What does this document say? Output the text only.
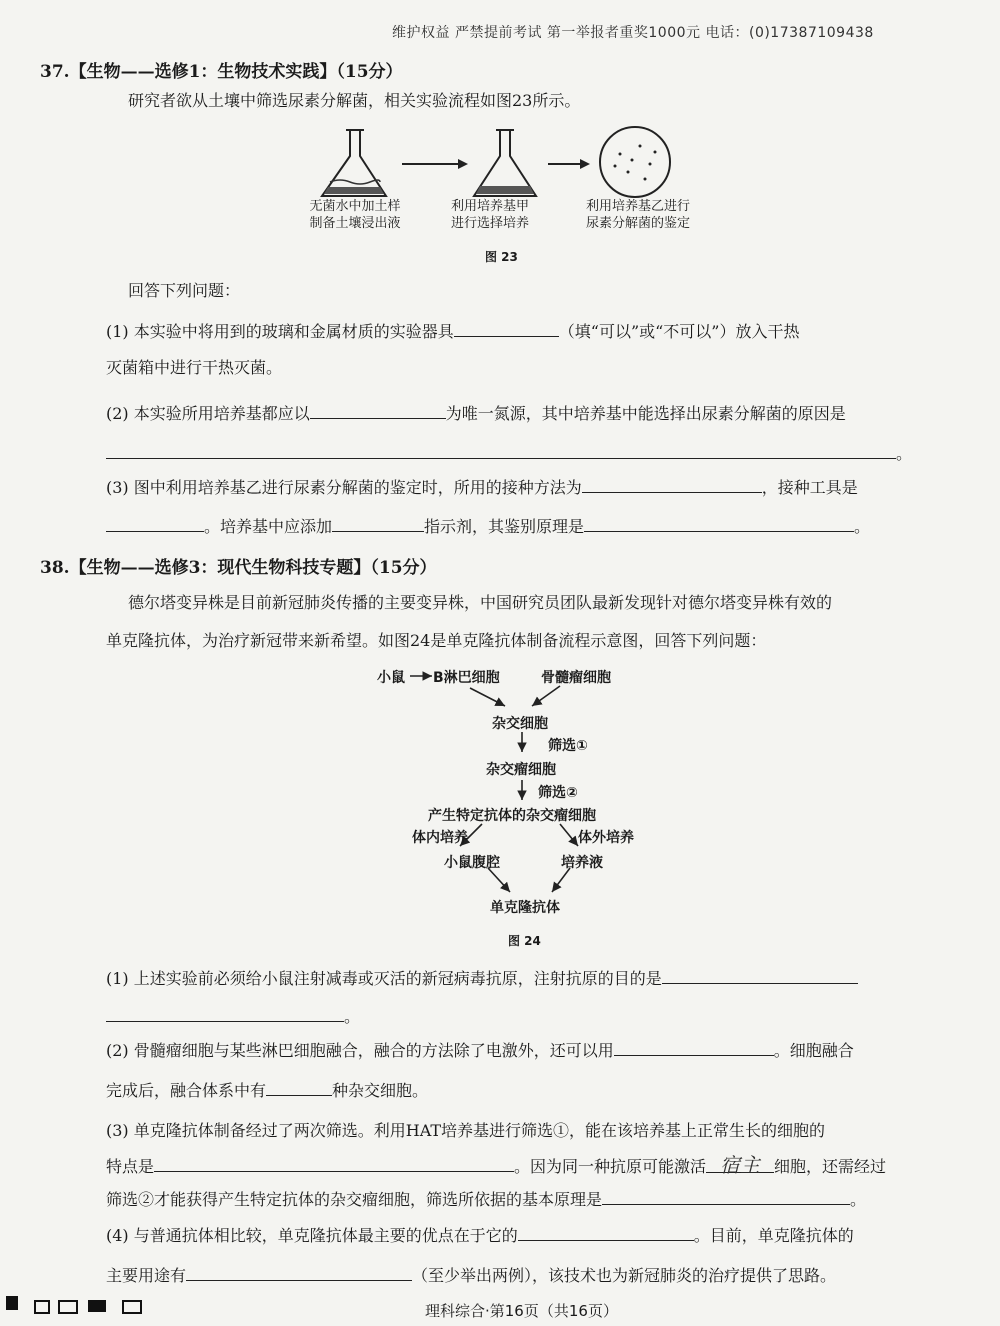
维护权益 严禁提前考试 第一举报者重奖1000元 电话：(0)17387109438
37.【生物——选修1：生物技术实践】（15分）
研究者欲从土壤中筛选尿素分解菌，相关实验流程如图23所示。
无菌水中加土样
制备土壤浸出液
利用培养基甲
进行选择培养
利用培养基乙进行
尿素分解菌的鉴定
图 23
回答下列问题：
(1) 本实验中将用到的玻璃和金属材质的实验器具	（填“可以”或“不可以”）放入干热
灭菌箱中进行干热灭菌。
(2) 本实验所用培养基都应以	为唯一氮源，其中培养基中能选择出尿素分解菌的原因是
。
(3) 图中利用培养基乙进行尿素分解菌的鉴定时，所用的接种方法为	，接种工具是
。培养基中应添加	指示剂，其鉴别原理是	。
38.【生物——选修3：现代生物科技专题】（15分）
德尔塔变异株是目前新冠肺炎传播的主要变异株，中国研究员团队最新发现针对德尔塔变异株有效的
单克隆抗体，为治疗新冠带来新希望。如图24是单克隆抗体制备流程示意图，回答下列问题：
小鼠 B淋巴细胞	骨髓瘤细胞
杂交细胞
筛选①
杂交瘤细胞
筛选②
产生特定抗体的杂交瘤细胞
体内培养	体外培养
小鼠腹腔	培养液
单克隆抗体
图 24
(1) 上述实验前必须给小鼠注射减毒或灭活的新冠病毒抗原，注射抗原的目的是
。
(2) 骨髓瘤细胞与某些淋巴细胞融合，融合的方法除了电激外，还可以用	。细胞融合
完成后，融合体系中有	种杂交细胞。
(3) 单克隆抗体制备经过了两次筛选。利用HAT培养基进行筛选①，能在该培养基上正常生长的细胞的
特点是	。因为同一种抗原可能激活 宿主 细胞，还需经过
筛选②才能获得产生特定抗体的杂交瘤细胞，筛选所依据的基本原理是	。
(4) 与普通抗体相比较，单克隆抗体最主要的优点在于它的	。目前，单克隆抗体的
主要用途有	（至少举出两例），该技术也为新冠肺炎的治疗提供了思路。
理科综合·第16页（共16页）
